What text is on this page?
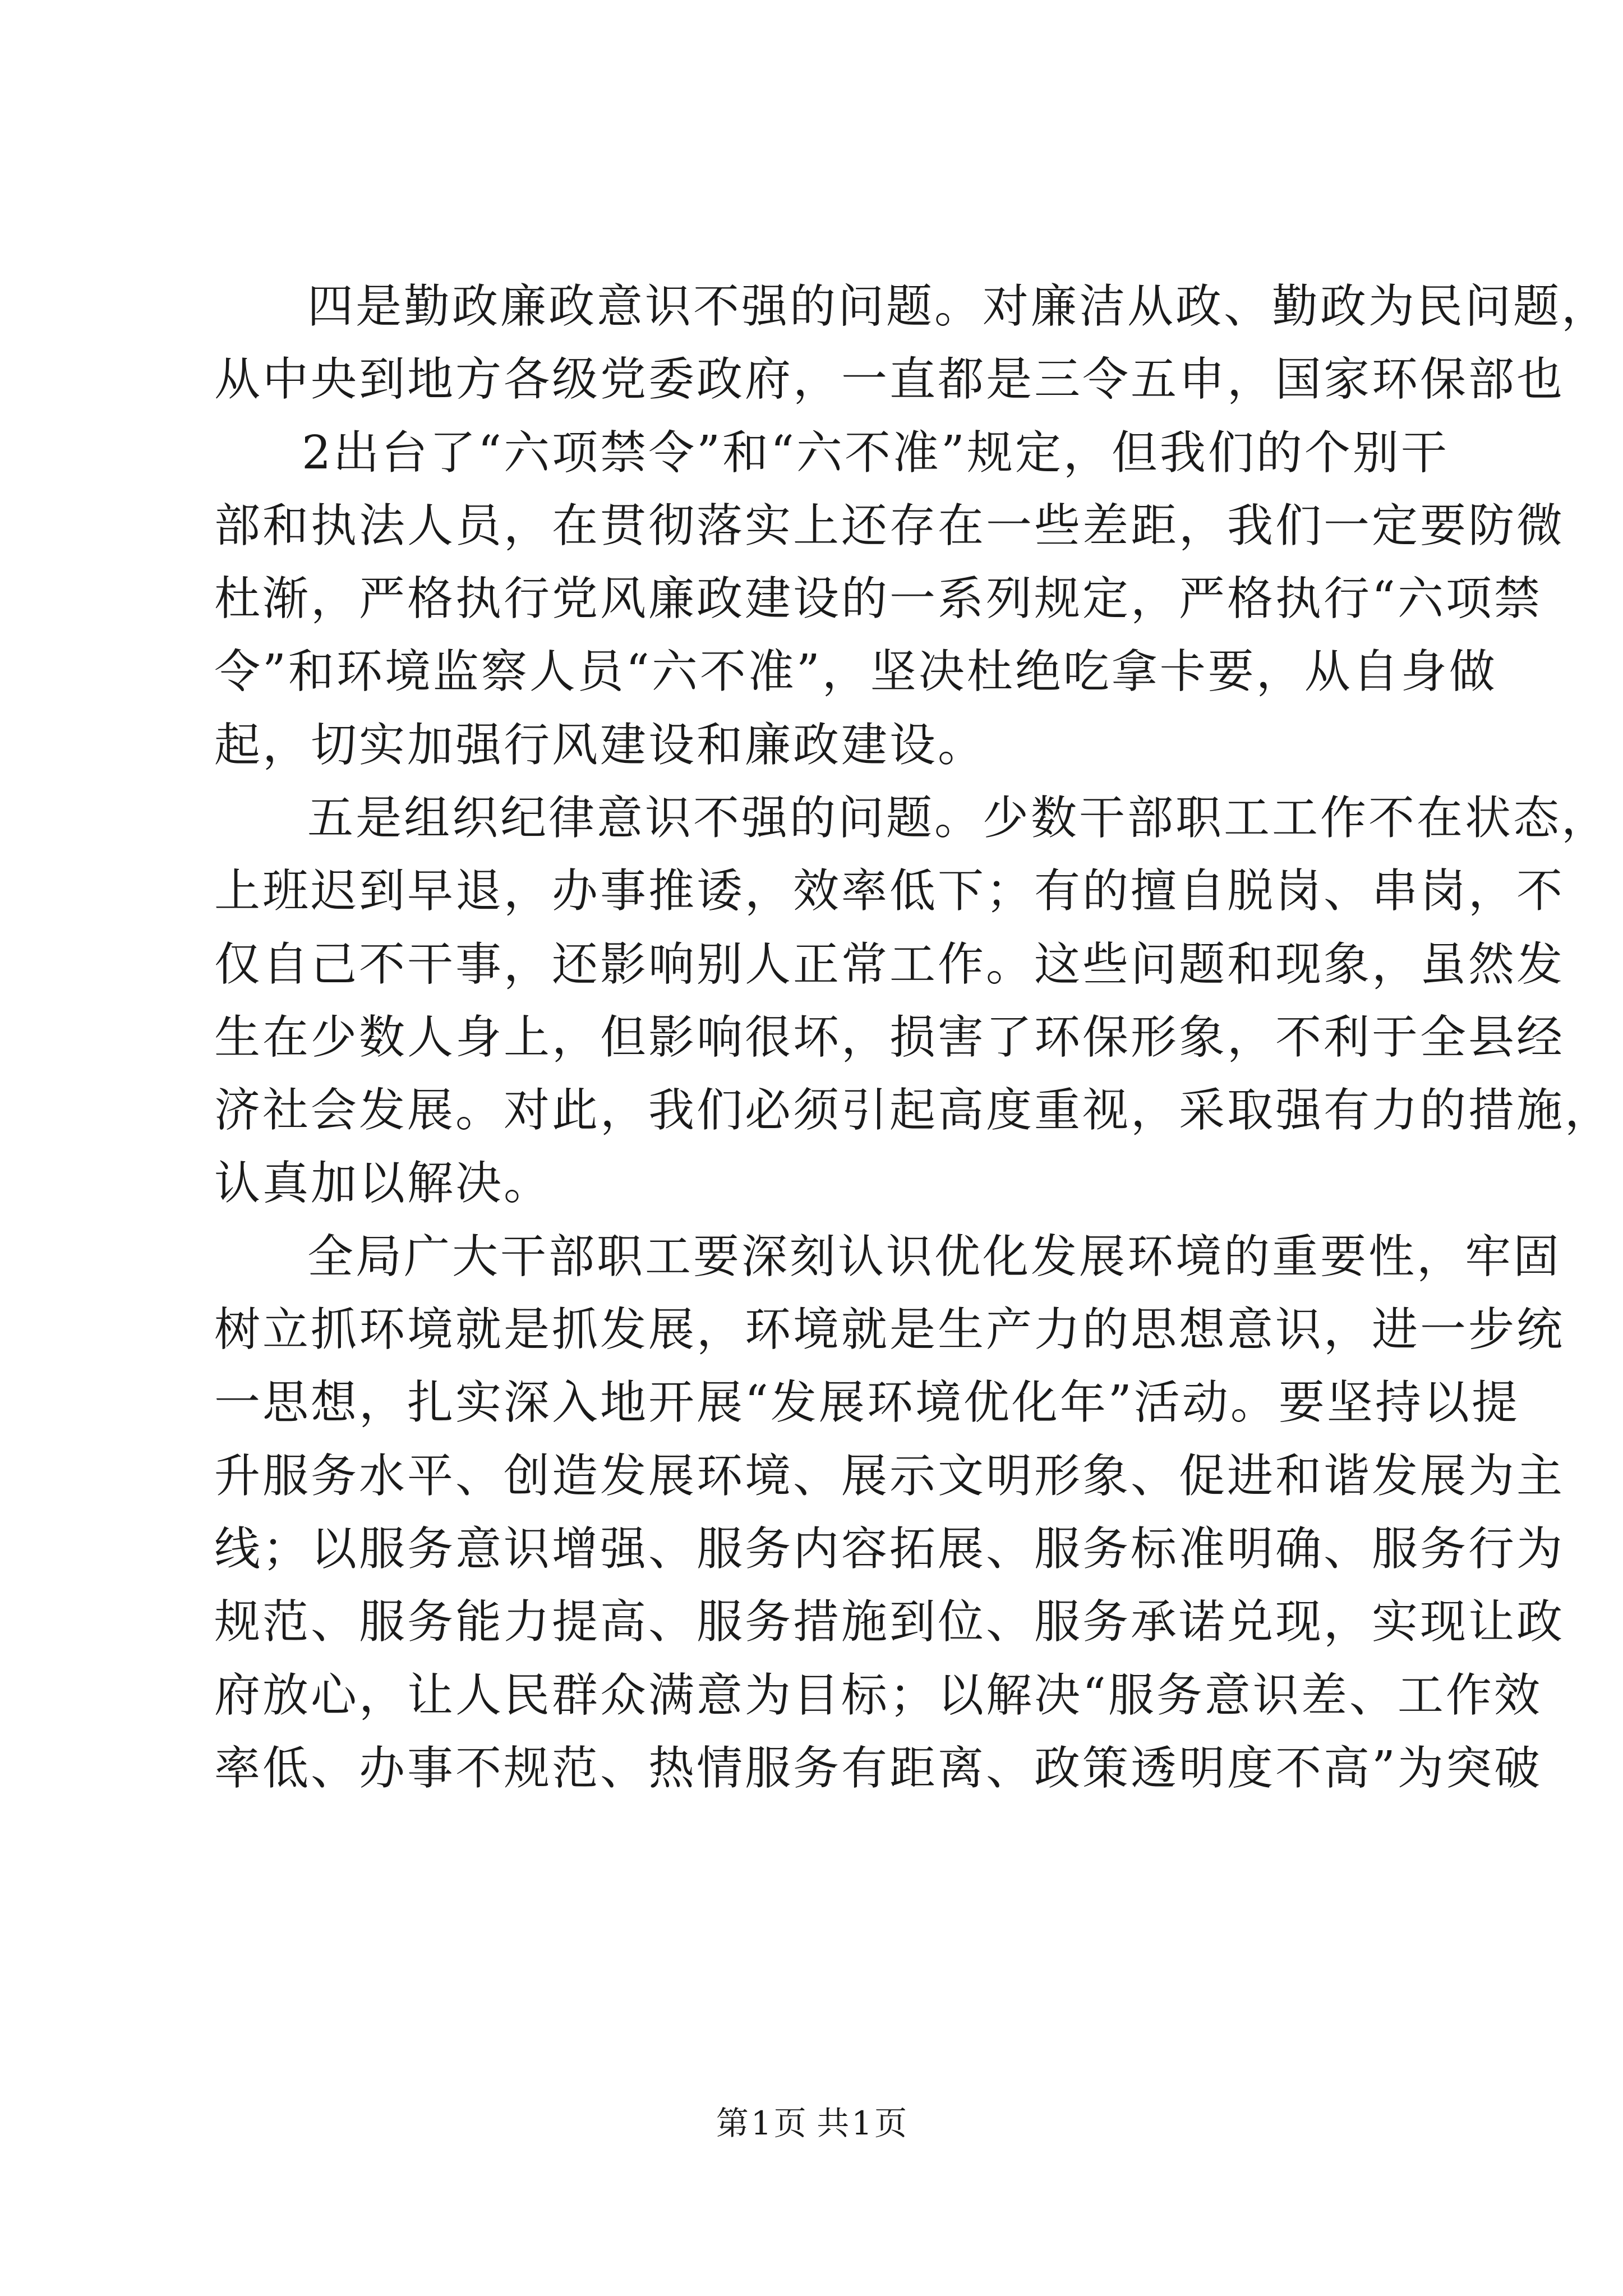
四是勤政廉政意识不强的问题。对廉洁从政、勤政为民问题，
从中央到地方各级党委政府，一直都是三令五申，国家环保部也
2出台了“六项禁令”和“六不准”规定，但我们的个别干
部和执法人员，在贯彻落实上还存在一些差距，我们一定要防微
杜渐，严格执行党风廉政建设的一系列规定，严格执行“六项禁
令”和环境监察人员“六不准”，坚决杜绝吃拿卡要，从自身做
起，切实加强行风建设和廉政建设。
五是组织纪律意识不强的问题。少数干部职工工作不在状态，
上班迟到早退，办事推诿，效率低下；有的擅自脱岗、串岗，不
仅自己不干事，还影响别人正常工作。这些问题和现象，虽然发
生在少数人身上，但影响很坏，损害了环保形象，不利于全县经
济社会发展。对此，我们必须引起高度重视，采取强有力的措施，
认真加以解决。
全局广大干部职工要深刻认识优化发展环境的重要性，牢固
树立抓环境就是抓发展，环境就是生产力的思想意识，进一步统
一思想，扎实深入地开展“发展环境优化年”活动。要坚持以提
升服务水平、创造发展环境、展示文明形象、促进和谐发展为主
线；以服务意识增强、服务内容拓展、服务标准明确、服务行为
规范、服务能力提高、服务措施到位、服务承诺兑现，实现让政
府放心，让人民群众满意为目标；以解决“服务意识差、工作效
率低、办事不规范、热情服务有距离、政策透明度不高”为突破
第1页 共1页
